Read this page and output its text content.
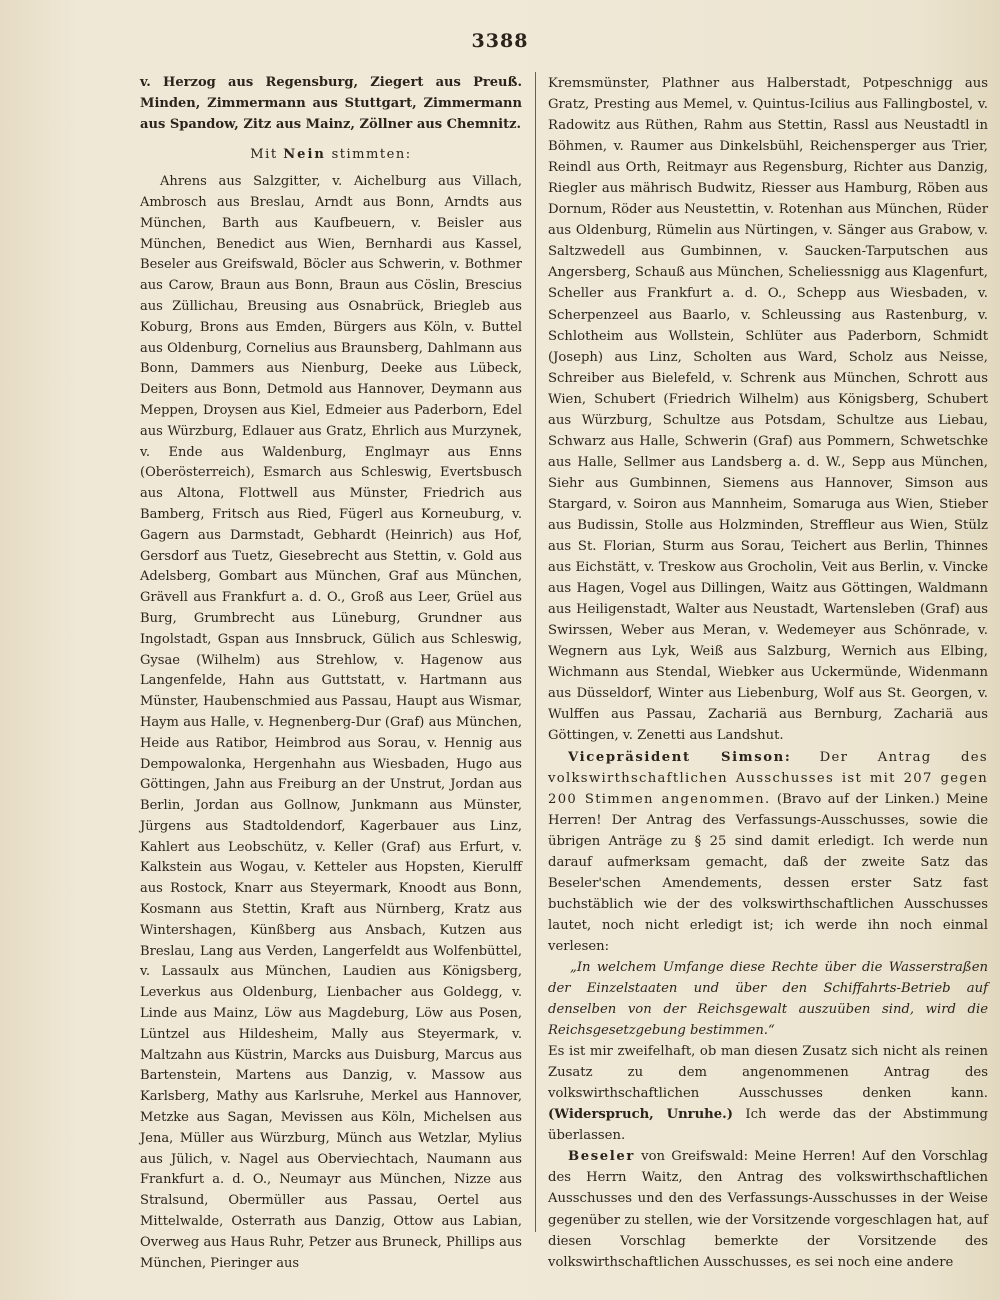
3388

v. Herzog aus Regensburg, Ziegert aus Preuß. Minden, Zimmermann aus Stuttgart, Zimmermann aus Spandow, Zitz aus Mainz, Zöllner aus Chemnitz.

Mit Nein stimmten:

Ahrens aus Salzgitter, v. Aichelburg aus Villach, Ambrosch aus Breslau, Arndt aus Bonn, Arndts aus München, Barth aus Kaufbeuern, v. Beisler aus München, Benedict aus Wien, Bernhardi aus Kassel, Beseler aus Greifswald, Böcler aus Schwerin, v. Bothmer aus Carow, Braun aus Bonn, Braun aus Cöslin, Brescius aus Züllichau, Breusing aus Osnabrück, Briegleb aus Koburg, Brons aus Emden, Bürgers aus Köln, v. Buttel aus Oldenburg, Cornelius aus Braunsberg, Dahlmann aus Bonn, Dammers aus Nienburg, Deeke aus Lübeck, Deiters aus Bonn, Detmold aus Hannover, Deymann aus Meppen, Droysen aus Kiel, Edmeier aus Paderborn, Edel aus Würzburg, Edlauer aus Gratz, Ehrlich aus Murzynek, v. Ende aus Waldenburg, Englmayr aus Enns (Oberösterreich), Esmarch aus Schleswig, Evertsbusch aus Altona, Flottwell aus Münster, Friedrich aus Bamberg, Fritsch aus Ried, Fügerl aus Korneuburg, v. Gagern aus Darmstadt, Gebhardt (Heinrich) aus Hof, Gersdorf aus Tuetz, Giesebrecht aus Stettin, v. Gold aus Adelsberg, Gombart aus München, Graf aus München, Grävell aus Frankfurt a. d. O., Groß aus Leer, Grüel aus Burg, Grumbrecht aus Lüneburg, Grundner aus Ingolstadt, Gspan aus Innsbruck, Gülich aus Schleswig, Gysae (Wilhelm) aus Strehlow, v. Hagenow aus Langenfelde, Hahn aus Guttstatt, v. Hartmann aus Münster, Haubenschmied aus Passau, Haupt aus Wismar, Haym aus Halle, v. Hegnenberg-Dur (Graf) aus München, Heide aus Ratibor, Heimbrod aus Sorau, v. Hennig aus Dempowalonka, Hergenhahn aus Wiesbaden, Hugo aus Göttingen, Jahn aus Freiburg an der Unstrut, Jordan aus Berlin, Jordan aus Gollnow, Junkmann aus Münster, Jürgens aus Stadtoldendorf, Kagerbauer aus Linz, Kahlert aus Leobschütz, v. Keller (Graf) aus Erfurt, v. Kalkstein aus Wogau, v. Ketteler aus Hopsten, Kierulff aus Rostock, Knarr aus Steyermark, Knoodt aus Bonn, Kosmann aus Stettin, Kraft aus Nürnberg, Kratz aus Wintershagen, Künßberg aus Ansbach, Kutzen aus Breslau, Lang aus Verden, Langerfeldt aus Wolfenbüttel, v. Lassaulx aus München, Laudien aus Königsberg, Leverkus aus Oldenburg, Lienbacher aus Goldegg, v. Linde aus Mainz, Löw aus Magdeburg, Löw aus Posen, Lüntzel aus Hildesheim, Mally aus Steyermark, v. Maltzahn aus Küstrin, Marcks aus Duisburg, Marcus aus Bartenstein, Martens aus Danzig, v. Massow aus Karlsberg, Mathy aus Karlsruhe, Merkel aus Hannover, Metzke aus Sagan, Mevissen aus Köln, Michelsen aus Jena, Müller aus Würzburg, Münch aus Wetzlar, Mylius aus Jülich, v. Nagel aus Oberviechtach, Naumann aus Frankfurt a. d. O., Neumayr aus München, Nizze aus Stralsund, Obermüller aus Passau, Oertel aus Mittelwalde, Osterrath aus Danzig, Ottow aus Labian, Overweg aus Haus Ruhr, Petzer aus Bruneck, Phillips aus München, Pieringer aus

Kremsmünster, Plathner aus Halberstadt, Potpeschnigg aus Gratz, Presting aus Memel, v. Quintus-Icilius aus Fallingbostel, v. Radowitz aus Rüthen, Rahm aus Stettin, Rassl aus Neustadtl in Böhmen, v. Raumer aus Dinkelsbühl, Reichensperger aus Trier, Reindl aus Orth, Reitmayr aus Regensburg, Richter aus Danzig, Riegler aus mährisch Budwitz, Riesser aus Hamburg, Röben aus Dornum, Röder aus Neustettin, v. Rotenhan aus München, Rüder aus Oldenburg, Rümelin aus Nürtingen, v. Sänger aus Grabow, v. Saltzwedell aus Gumbinnen, v. Saucken-Tarputschen aus Angersberg, Schauß aus München, Scheliessnigg aus Klagenfurt, Scheller aus Frankfurt a. d. O., Schepp aus Wiesbaden, v. Scherpenzeel aus Baarlo, v. Schleussing aus Rastenburg, v. Schlotheim aus Wollstein, Schlüter aus Paderborn, Schmidt (Joseph) aus Linz, Scholten aus Ward, Scholz aus Neisse, Schreiber aus Bielefeld, v. Schrenk aus München, Schrott aus Wien, Schubert (Friedrich Wilhelm) aus Königsberg, Schubert aus Würzburg, Schultze aus Potsdam, Schultze aus Liebau, Schwarz aus Halle, Schwerin (Graf) aus Pommern, Schwetschke aus Halle, Sellmer aus Landsberg a. d. W., Sepp aus München, Siehr aus Gumbinnen, Siemens aus Hannover, Simson aus Stargard, v. Soiron aus Mannheim, Somaruga aus Wien, Stieber aus Budissin, Stolle aus Holzminden, Streffleur aus Wien, Stülz aus St. Florian, Sturm aus Sorau, Teichert aus Berlin, Thinnes aus Eichstätt, v. Treskow aus Grocholin, Veit aus Berlin, v. Vincke aus Hagen, Vogel aus Dillingen, Waitz aus Göttingen, Waldmann aus Heiligenstadt, Walter aus Neustadt, Wartensleben (Graf) aus Swirssen, Weber aus Meran, v. Wedemeyer aus Schönrade, v. Wegnern aus Lyk, Weiß aus Salzburg, Wernich aus Elbing, Wichmann aus Stendal, Wiebker aus Uckermünde, Widenmann aus Düsseldorf, Winter aus Liebenburg, Wolf aus St. Georgen, v. Wulffen aus Passau, Zachariä aus Bernburg, Zachariä aus Göttingen, v. Zenetti aus Landshut.

Vicepräsident Simson: Der Antrag des volkswirthschaftlichen Ausschusses ist mit 207 gegen 200 Stimmen angenommen. (Bravo auf der Linken.) Meine Herren! Der Antrag des Verfassungs-Ausschusses, sowie die übrigen Anträge zu § 25 sind damit erledigt. Ich werde nun darauf aufmerksam gemacht, daß der zweite Satz das Beseler'schen Amendements, dessen erster Satz fast buchstäblich wie der des volkswirthschaftlichen Ausschusses lautet, noch nicht erledigt ist; ich werde ihn noch einmal verlesen:

„In welchem Umfange diese Rechte über die Wasserstraßen der Einzelstaaten und über den Schiffahrts-Betrieb auf denselben von der Reichsgewalt auszuüben sind, wird die Reichsgesetzgebung bestimmen.“

Es ist mir zweifelhaft, ob man diesen Zusatz sich nicht als reinen Zusatz zu dem angenommenen Antrag des volkswirthschaftlichen Ausschusses denken kann. (Widerspruch, Unruhe.) Ich werde das der Abstimmung überlassen.

Beseler von Greifswald: Meine Herren! Auf den Vorschlag des Herrn Waitz, den Antrag des volkswirthschaftlichen Ausschusses und den des Verfassungs-Ausschusses in der Weise gegenüber zu stellen, wie der Vorsitzende vorgeschlagen hat, auf diesen Vorschlag bemerkte der Vorsitzende des volkswirthschaftlichen Ausschusses, es sei noch eine andere
